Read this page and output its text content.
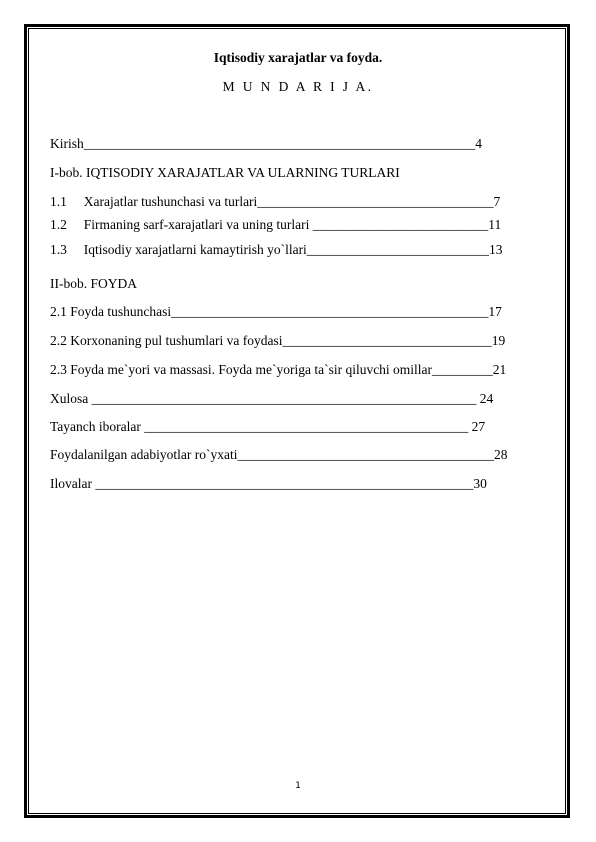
Iqtisodiy xarajatlar va foyda.
M U N D A R I J A.
Kirish__________________________________________________________4
I-bob. IQTISODIY XARAJATLAR VA ULARNING TURLARI
1.1     Xarajatlar tushunchasi va turlari___________________________________7
1.2     Firmaning sarf-xarajatlari va uning turlari __________________________11
1.3     Iqtisodiy xarajatlarni kamaytirish yo`llari___________________________13
II-bob. FOYDA
2.1 Foyda tushunchasi_______________________________________________17
2.2 Korxonaning pul tushumlari va foydasi_______________________________19
2.3 Foyda me`yori va massasi. Foyda me`yoriga ta`sir qiluvchi omillar_________21
Xulosa _________________________________________________________ 24
Tayanch iboralar ________________________________________________ 27
Foydalanilgan adabiyotlar ro`yxati______________________________________28
Ilovalar ________________________________________________________30
1
